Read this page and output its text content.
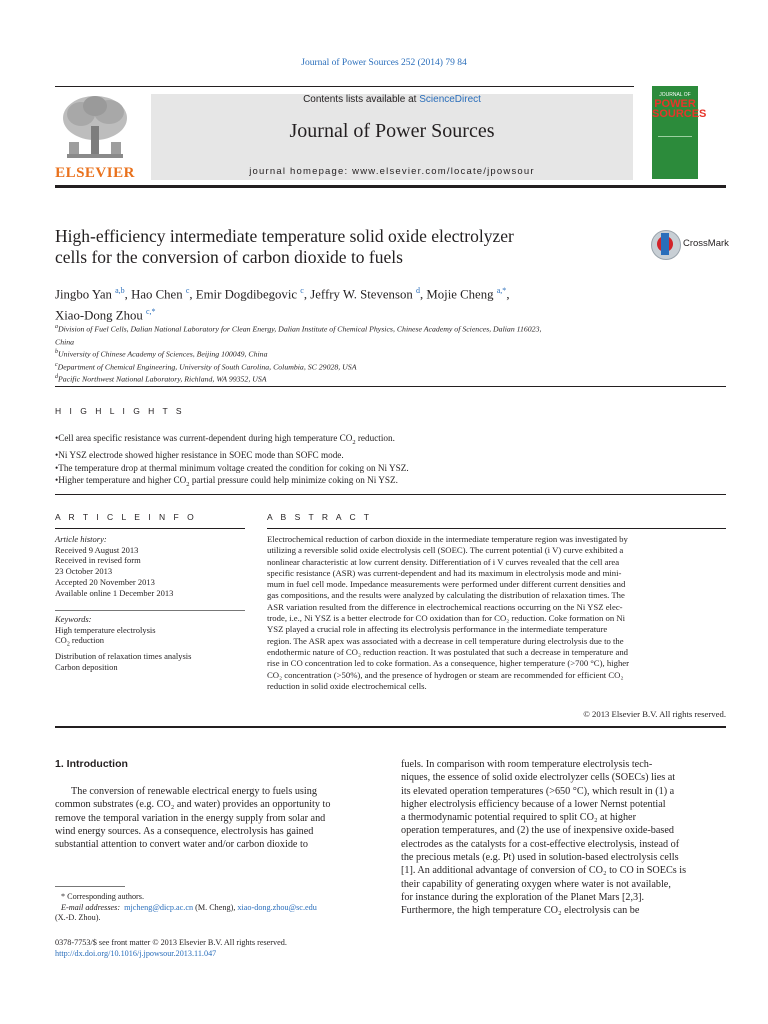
Journal of Power Sources 252 (2014) 79 84
ELSEVIER
Contents lists available at ScienceDirect
Journal of Power Sources
journal homepage: www.elsevier.com/locate/jpowsour
JOURNAL OF
POWER SOURCES
High-efficiency intermediate temperature solid oxide electrolyzer
cells for the conversion of carbon dioxide to fuels
CrossMark
Jingbo Yan $^{a,b}$, Hao Chen $^c$, Emir Dogdibegovic $^c$, Jeffry W. Stevenson $^d$, Mojie Cheng $^{a,*}$,
Xiao-Dong Zhou $^{c,*}$
$^a$Division of Fuel Cells, Dalian National Laboratory for Clean Energy, Dalian Institute of Chemical Physics, Chinese Academy of Sciences, Dalian 116023,
China
$^b$University of Chinese Academy of Sciences, Beijing 100049, China
$^c$Department of Chemical Engineering, University of South Carolina, Columbia, SC 29028, USA
$^d$Pacific Northwest National Laboratory, Richland, WA 99352, USA
H I G H L I G H T S
• Cell area specific resistance was current-dependent during high temperature $CO_2$ reduction.
• Ni YSZ electrode showed higher resistance in SOEC mode than SOFC mode.
• The temperature drop at thermal minimum voltage created the condition for coking on Ni YSZ.
• Higher temperature and higher $CO_2$ partial pressure could help minimize coking on Ni YSZ.
A R T I C L E I N F O	A B S T R A C T
Article history:
Received 9 August 2013
Received in revised form
23 October 2013
Accepted 20 November 2013
Available online 1 December 2013
Keywords:
High temperature electrolysis
$CO_2$ reduction
Distribution of relaxation times analysis
Carbon deposition
Electrochemical reduction of carbon dioxide in the intermediate temperature region was investigated by
utilizing a reversible solid oxide electrolysis cell (SOEC). The current potential (i V) curve exhibited a
nonlinear characteristic at low current density. Differentiation of i V curves revealed that the cell area
specific resistance (ASR) was current-dependent and had its maximum in electrolysis mode and mini-
mum in fuel cell mode. Impedance measurements were performed under different current densities and
gas compositions, and the results were analyzed by calculating the distribution of relaxation times. The
ASR variation resulted from the difference in electrochemical reactions occurring on the Ni YSZ elec-
trode, i.e., Ni YSZ is a better electrode for CO oxidation than for CO₂ reduction. Coke formation on Ni
YSZ played a crucial role in affecting its electrolysis performance in the intermediate temperature
region. The ASR apex was associated with a decrease in cell temperature during electrolysis due to the
endothermic nature of CO₂ reduction reaction. It was postulated that such a decrease in temperature and
rise in CO concentration led to coke formation. As a consequence, higher temperature (>700 °C), higher
CO₂ concentration (>50%), and the presence of hydrogen or steam are recommended for efficient CO₂
reduction in solid oxide electrochemical cells.
© 2013 Elsevier B.V. All rights reserved.
1. Introduction
The conversion of renewable electrical energy to fuels using
common substrates (e.g. CO₂ and water) provides an opportunity to
remove the temporal variation in the energy supply from solar and
wind energy sources. As a consequence, electrolysis has gained
substantial attention to convert water and/or carbon dioxide to
fuels. In comparison with room temperature electrolysis tech-
niques, the essence of solid oxide electrolyzer cells (SOECs) lies at
its elevated operation temperatures (>650 °C), which result in (1) a
higher electrolysis efficiency because of a lower Nernst potential
a thermodynamic potential required to split CO₂ at higher
operation temperatures, and (2) the use of inexpensive oxide-based
electrodes as the catalysts for a cost-effective electrolysis, instead of
the precious metals (e.g. Pt) used in solution-based electrolysis cells
[1]. An additional advantage of conversion of CO₂ to CO in SOECs is
their capability of generating oxygen where water is not available,
for instance during the exploration of the Planet Mars [2,3].
Furthermore, the high temperature CO₂ electrolysis can be
* Corresponding authors.
E-mail addresses: mjcheng@dicp.ac.cn (M. Cheng), xiao-dong.zhou@sc.edu
(X.-D. Zhou).
0378-7753/$ see front matter © 2013 Elsevier B.V. All rights reserved.
http://dx.doi.org/10.1016/j.jpowsour.2013.11.047
